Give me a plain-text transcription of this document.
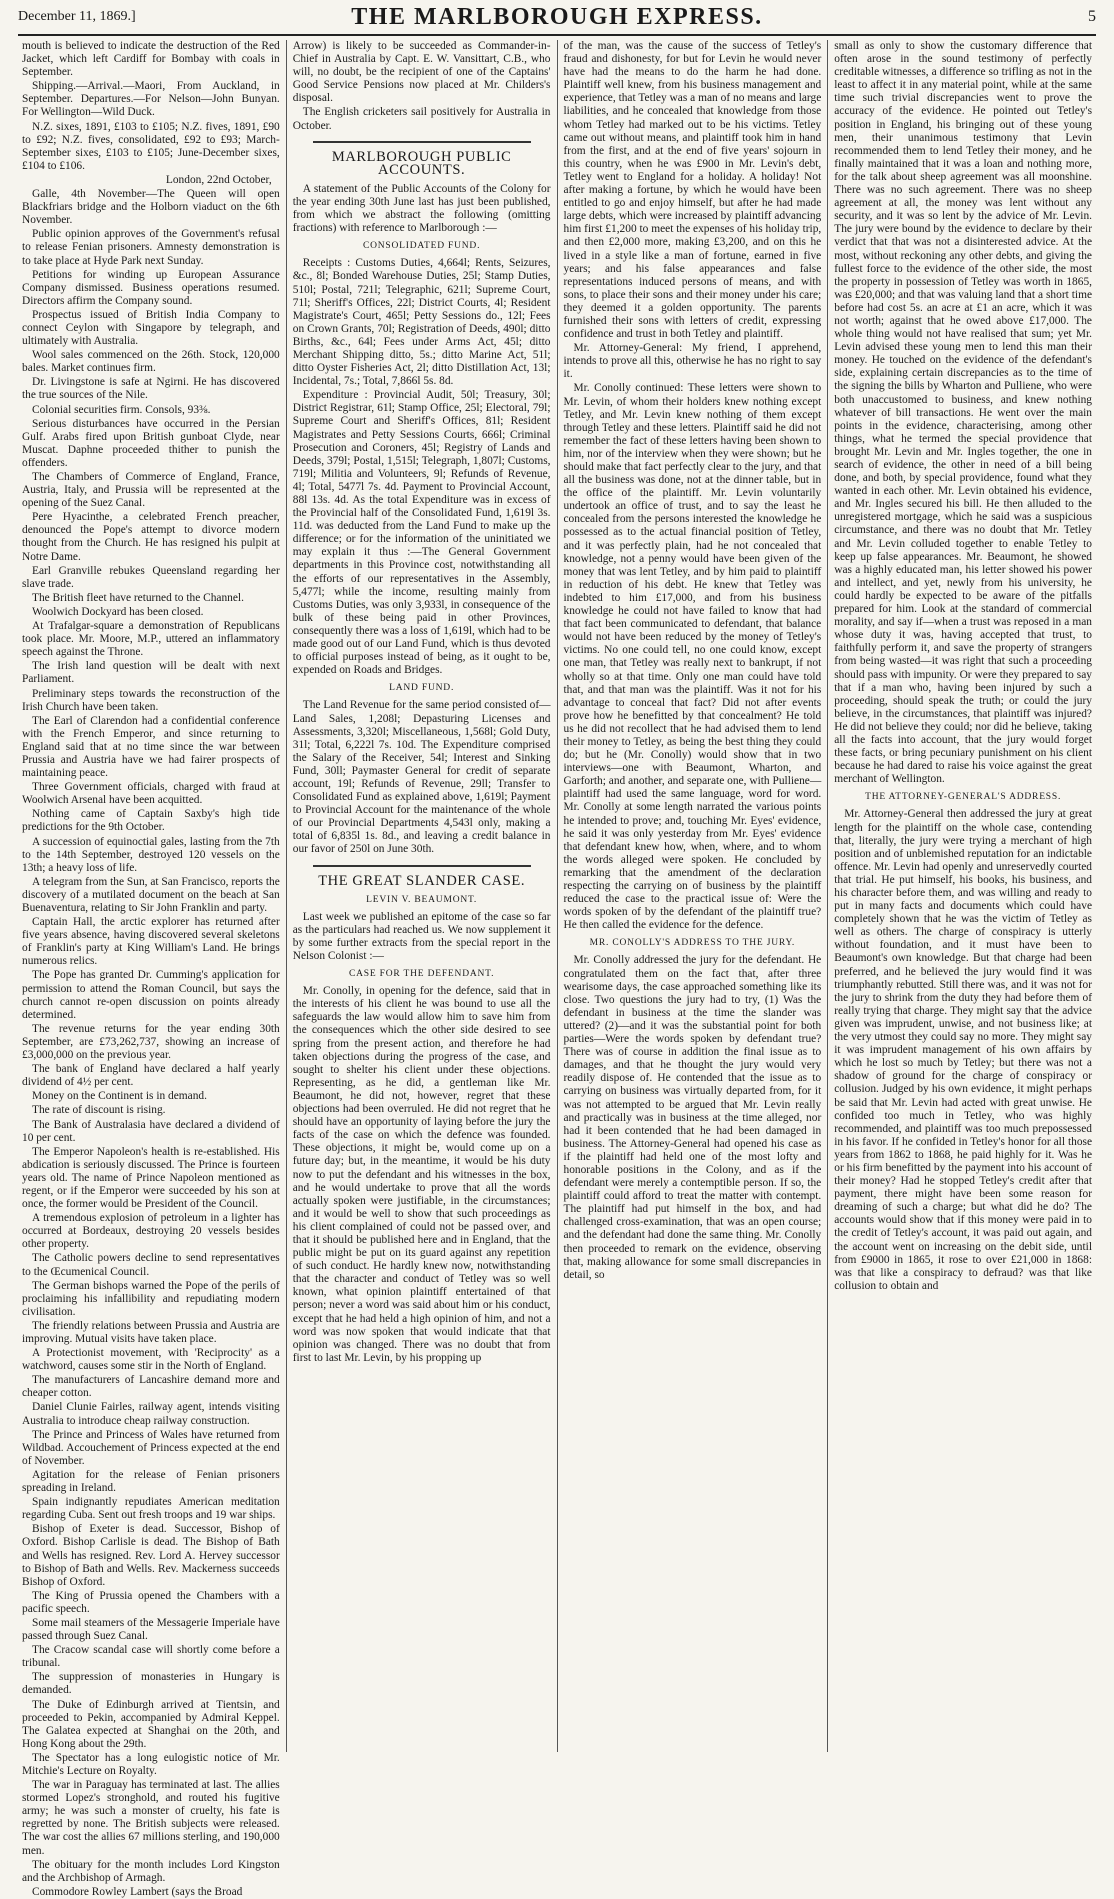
December 11, 1869.]	THE MARLBOROUGH EXPRESS.	5

mouth is believed to indicate the destruction of the Red Jacket, which left Cardiff for Bombay with coals in September.

Shipping.—Arrival.—Maori, From Auckland, in September. Departures.—For Nelson—John Bunyan. For Wellington—Wild Duck.

N.Z. sixes, 1891, £103 to £105; N.Z. fives, 1891, £90 to £92; N.Z. fives, consolidated, £92 to £93; March-September sixes, £103 to £105; June-December sixes, £104 to £106.

London, 22nd October,

Galle, 4th November—The Queen will open Blackfriars bridge and the Holborn viaduct on the 6th November.

Public opinion approves of the Government's refusal to release Fenian prisoners. Amnesty demonstration is to take place at Hyde Park next Sunday.

Petitions for winding up European Assurance Company dismissed. Business operations resumed. Directors affirm the Company sound.

Prospectus issued of British India Company to connect Ceylon with Singapore by telegraph, and ultimately with Australia.

Wool sales commenced on the 26th. Stock, 120,000 bales. Market continues firm.

Dr. Livingstone is safe at Ngirni. He has discovered the true sources of the Nile.

Colonial securities firm. Consols, 93⅜.

Serious disturbances have occurred in the Persian Gulf. Arabs fired upon British gunboat Clyde, near Muscat. Daphne proceeded thither to punish the offenders.

The Chambers of Commerce of England, France, Austria, Italy, and Prussia will be represented at the opening of the Suez Canal.

Pere Hyacinthe, a celebrated French preacher, denounced the Pope's attempt to divorce modern thought from the Church. He has resigned his pulpit at Notre Dame.

Earl Granville rebukes Queensland regarding her slave trade.

The British fleet have returned to the Channel.

Woolwich Dockyard has been closed.

At Trafalgar-square a demonstration of Republicans took place. Mr. Moore, M.P., uttered an inflammatory speech against the Throne.

The Irish land question will be dealt with next Parliament.

Preliminary steps towards the reconstruction of the Irish Church have been taken.

The Earl of Clarendon had a confidential conference with the French Emperor, and since returning to England said that at no time since the war between Prussia and Austria have we had fairer prospects of maintaining peace.

Three Government officials, charged with fraud at Woolwich Arsenal have been acquitted.

Nothing came of Captain Saxby's high tide predictions for the 9th October.

A succession of equinoctial gales, lasting from the 7th to the 14th September, destroyed 120 vessels on the 13th; a heavy loss of life.

A telegram from the Sun, at San Francisco, reports the discovery of a mutilated document on the beach at San Buenaventura, relating to Sir John Franklin and party.

Captain Hall, the arctic explorer has returned after five years absence, having discovered several skeletons of Franklin's party at King William's Land. He brings numerous relics.

The Pope has granted Dr. Cumming's application for permission to attend the Roman Council, but says the church cannot re-open discussion on points already determined.

The revenue returns for the year ending 30th September, are £73,262,737, showing an increase of £3,000,000 on the previous year.

The bank of England have declared a half yearly dividend of 4½ per cent.

Money on the Continent is in demand.

The rate of discount is rising.

The Bank of Australasia have declared a dividend of 10 per cent.

The Emperor Napoleon's health is re-established. His abdication is seriously discussed. The Prince is fourteen years old. The name of Prince Napoleon mentioned as regent, or if the Emperor were succeeded by his son at once, the former would be President of the Council.

A tremendous explosion of petroleum in a lighter has occurred at Bordeaux, destroying 20 vessels besides other property.

The Catholic powers decline to send representatives to the Œcumenical Council.

The German bishops warned the Pope of the perils of proclaiming his infallibility and repudiating modern civilisation.

The friendly relations between Prussia and Austria are improving. Mutual visits have taken place.

A Protectionist movement, with 'Reciprocity' as a watchword, causes some stir in the North of England.

The manufacturers of Lancashire demand more and cheaper cotton.

Daniel Clunie Fairles, railway agent, intends visiting Australia to introduce cheap railway construction.

The Prince and Princess of Wales have returned from Wildbad. Accouchement of Princess expected at the end of November.

Agitation for the release of Fenian prisoners spreading in Ireland.

Spain indignantly repudiates American meditation regarding Cuba. Sent out fresh troops and 19 war ships.

Bishop of Exeter is dead. Successor, Bishop of Oxford. Bishop Carlisle is dead. The Bishop of Bath and Wells has resigned. Rev. Lord A. Hervey successor to Bishop of Bath and Wells. Rev. Mackerness succeeds Bishop of Oxford.

The King of Prussia opened the Chambers with a pacific speech.

Some mail steamers of the Messagerie Imperiale have passed through Suez Canal.

The Cracow scandal case will shortly come before a tribunal.

The suppression of monasteries in Hungary is demanded.

The Duke of Edinburgh arrived at Tientsin, and proceeded to Pekin, accompanied by Admiral Keppel. The Galatea expected at Shanghai on the 20th, and Hong Kong about the 29th.

The Spectator has a long eulogistic notice of Mr. Mitchie's Lecture on Royalty.

The war in Paraguay has terminated at last. The allies stormed Lopez's stronghold, and routed his fugitive army; he was such a monster of cruelty, his fate is regretted by none. The British subjects were released. The war cost the allies 67 millions sterling, and 190,000 men.

The obituary for the month includes Lord Kingston and the Archbishop of Armagh.

Commodore Rowley Lambert (says the Broad

Arrow) is likely to be succeeded as Commander-in-Chief in Australia by Capt. E. W. Vansittart, C.B., who will, no doubt, be the recipient of one of the Captains' Good Service Pensions now placed at Mr. Childers's disposal.

The English cricketers sail positively for Australia in October.

MARLBOROUGH PUBLIC ACCOUNTS.

A statement of the Public Accounts of the Colony for the year ending 30th June last has just been published, from which we abstract the following (omitting fractions) with reference to Marlborough :—

CONSOLIDATED FUND.

Receipts : Customs Duties, 4,664l; Rents, Seizures, &c., 8l; Bonded Warehouse Duties, 25l; Stamp Duties, 510l; Postal, 721l; Telegraphic, 621l; Supreme Court, 71l; Sheriff's Offices, 22l; District Courts, 4l; Resident Magistrate's Court, 465l; Petty Sessions do., 12l; Fees on Crown Grants, 70l; Registration of Deeds, 490l; ditto Births, &c., 64l; Fees under Arms Act, 45l; ditto Merchant Shipping ditto, 5s.; ditto Marine Act, 51l; ditto Oyster Fisheries Act, 2l; ditto Distillation Act, 13l; Incidental, 7s.; Total, 7,866l 5s. 8d.

Expenditure : Provincial Audit, 50l; Treasury, 30l; District Registrar, 61l; Stamp Office, 25l; Electoral, 79l; Supreme Court and Sheriff's Offices, 81l; Resident Magistrates and Petty Sessions Courts, 666l; Criminal Prosecution and Coroners, 45l; Registry of Lands and Deeds, 379l; Postal, 1,515l; Telegraph, 1,807l; Customs, 719l; Militia and Volunteers, 9l; Refunds of Revenue, 4l; Total, 5477l 7s. 4d. Payment to Provincial Account, 88l 13s. 4d. As the total Expenditure was in excess of the Provincial half of the Consolidated Fund, 1,619l 3s. 11d. was deducted from the Land Fund to make up the difference; or for the information of the uninitiated we may explain it thus :—The General Government departments in this Province cost, notwithstanding all the efforts of our representatives in the Assembly, 5,477l; while the income, resulting mainly from Customs Duties, was only 3,933l, in consequence of the bulk of these being paid in other Provinces, consequently there was a loss of 1,619l, which had to be made good out of our Land Fund, which is thus devoted to official purposes instead of being, as it ought to be, expended on Roads and Bridges.

LAND FUND.

The Land Revenue for the same period consisted of—Land Sales, 1,208l; Depasturing Licenses and Assessments, 3,320l; Miscellaneous, 1,568l; Gold Duty, 31l; Total, 6,222l 7s. 10d. The Expenditure comprised the Salary of the Receiver, 54l; Interest and Sinking Fund, 30ll; Paymaster General for credit of separate account, 19l; Refunds of Revenue, 29ll; Transfer to Consolidated Fund as explained above, 1,619l; Payment to Provincial Account for the maintenance of the whole of our Provincial Departments 4,543l only, making a total of 6,835l 1s. 8d., and leaving a credit balance in our favor of 250l on June 30th.

THE GREAT SLANDER CASE.
LEVIN V. BEAUMONT.

Last week we published an epitome of the case so far as the particulars had reached us. We now supplement it by some further extracts from the special report in the Nelson Colonist :—

CASE FOR THE DEFENDANT.

Mr. Conolly, in opening for the defence, said that in the interests of his client he was bound to use all the safeguards the law would allow him to save him from the consequences which the other side desired to see spring from the present action, and therefore he had taken objections during the progress of the case, and sought to shelter his client under these objections. Representing, as he did, a gentleman like Mr. Beaumont, he did not, however, regret that these objections had been overruled. He did not regret that he should have an opportunity of laying before the jury the facts of the case on which the defence was founded. These objections, it might be, would come up on a future day; but, in the meantime, it would be his duty now to put the defendant and his witnesses in the box, and he would undertake to prove that all the words actually spoken were justifiable, in the circumstances; and it would be well to show that such proceedings as his client complained of could not be passed over, and that it should be published here and in England, that the public might be put on its guard against any repetition of such conduct. He hardly knew now, notwithstanding that the character and conduct of Tetley was so well known, what opinion plaintiff entertained of that person; never a word was said about him or his conduct, except that he had held a high opinion of him, and not a word was now spoken that would indicate that that opinion was changed. There was no doubt that from first to last Mr. Levin, by his propping up

of the man, was the cause of the success of Tetley's fraud and dishonesty, for but for Levin he would never have had the means to do the harm he had done. Plaintiff well knew, from his business management and experience, that Tetley was a man of no means and large liabilities, and he concealed that knowledge from those whom Tetley had marked out to be his victims. Tetley came out without means, and plaintiff took him in hand from the first, and at the end of five years' sojourn in this country, when he was £900 in Mr. Levin's debt, Tetley went to England for a holiday. A holiday! Not after making a fortune, by which he would have been entitled to go and enjoy himself, but after he had made large debts, which were increased by plaintiff advancing him first £1,200 to meet the expenses of his holiday trip, and then £2,000 more, making £3,200, and on this he lived in a style like a man of fortune, earned in five years; and his false appearances and false representations induced persons of means, and with sons, to place their sons and their money under his care; they deemed it a golden opportunity. The parents furnished their sons with letters of credit, expressing confidence and trust in both Tetley and plaintiff.

Mr. Attorney-General: My friend, I apprehend, intends to prove all this, otherwise he has no right to say it.

Mr. Conolly continued: These letters were shown to Mr. Levin, of whom their holders knew nothing except Tetley, and Mr. Levin knew nothing of them except through Tetley and these letters. Plaintiff said he did not remember the fact of these letters having been shown to him, nor of the interview when they were shown; but he should make that fact perfectly clear to the jury, and that all the business was done, not at the dinner table, but in the office of the plaintiff. Mr. Levin voluntarily undertook an office of trust, and to say the least he concealed from the persons interested the knowledge he possessed as to the actual financial position of Tetley, and it was perfectly plain, had he not concealed that knowledge, not a penny would have been given of the money that was lent Tetley, and by him paid to plaintiff in reduction of his debt. He knew that Tetley was indebted to him £17,000, and from his business knowledge he could not have failed to know that had that fact been communicated to defendant, that balance would not have been reduced by the money of Tetley's victims. No one could tell, no one could know, except one man, that Tetley was really next to bankrupt, if not wholly so at that time. Only one man could have told that, and that man was the plaintiff. Was it not for his advantage to conceal that fact? Did not after events prove how he benefitted by that concealment? He told us he did not recollect that he had advised them to lend their money to Tetley, as being the best thing they could do; but he (Mr. Conolly) would show that in two interviews—one with Beaumont, Wharton, and Garforth; and another, and separate one, with Pulliene—plaintiff had used the same language, word for word. Mr. Conolly at some length narrated the various points he intended to prove; and, touching Mr. Eyes' evidence, he said it was only yesterday from Mr. Eyes' evidence that defendant knew how, when, where, and to whom the words alleged were spoken. He concluded by remarking that the amendment of the declaration respecting the carrying on of business by the plaintiff reduced the case to the practical issue of: Were the words spoken of by the defendant of the plaintiff true? He then called the evidence for the defence.

MR. CONOLLY'S ADDRESS TO THE JURY.

Mr. Conolly addressed the jury for the defendant. He congratulated them on the fact that, after three wearisome days, the case approached something like its close. Two questions the jury had to try, (1) Was the defendant in business at the time the slander was uttered? (2)—and it was the substantial point for both parties—Were the words spoken by defendant true? There was of course in addition the final issue as to damages, and that he thought the jury would very readily dispose of. He contended that the issue as to carrying on business was virtually departed from, for it was not attempted to be argued that Mr. Levin really and practically was in business at the time alleged, nor had it been contended that he had been damaged in business. The Attorney-General had opened his case as if the plaintiff had held one of the most lofty and honorable positions in the Colony, and as if the defendant were merely a contemptible person. If so, the plaintiff could afford to treat the matter with contempt. The plaintiff had put himself in the box, and had challenged cross-examination, that was an open course; and the defendant had done the same thing. Mr. Conolly then proceeded to remark on the evidence, observing that, making allowance for some small discrepancies in detail, so

small as only to show the customary difference that often arose in the sound testimony of perfectly creditable witnesses, a difference so trifling as not in the least to affect it in any material point, while at the same time such trivial discrepancies went to prove the accuracy of the evidence. He pointed out Tetley's position in England, his bringing out of these young men, their unanimous testimony that Levin recommended them to lend Tetley their money, and he finally maintained that it was a loan and nothing more, for the talk about sheep agreement was all moonshine. There was no such agreement. There was no sheep agreement at all, the money was lent without any security, and it was so lent by the advice of Mr. Levin. The jury were bound by the evidence to declare by their verdict that that was not a disinterested advice. At the most, without reckoning any other debts, and giving the fullest force to the evidence of the other side, the most the property in possession of Tetley was worth in 1865, was £20,000; and that was valuing land that a short time before had cost 5s. an acre at £1 an acre, which it was not worth; against that he owed above £17,000. The whole thing would not have realised that sum; yet Mr. Levin advised these young men to lend this man their money. He touched on the evidence of the defendant's side, explaining certain discrepancies as to the time of the signing the bills by Wharton and Pulliene, who were both unaccustomed to business, and knew nothing whatever of bill transactions. He went over the main points in the evidence, characterising, among other things, what he termed the special providence that brought Mr. Levin and Mr. Ingles together, the one in search of evidence, the other in need of a bill being done, and both, by special providence, found what they wanted in each other. Mr. Levin obtained his evidence, and Mr. Ingles secured his bill. He then alluded to the unregistered mortgage, which he said was a suspicious circumstance, and there was no doubt that Mr. Tetley and Mr. Levin colluded together to enable Tetley to keep up false appearances. Mr. Beaumont, he showed was a highly educated man, his letter showed his power and intellect, and yet, newly from his university, he could hardly be expected to be aware of the pitfalls prepared for him. Look at the standard of commercial morality, and say if—when a trust was reposed in a man whose duty it was, having accepted that trust, to faithfully perform it, and save the property of strangers from being wasted—it was right that such a proceeding should pass with impunity. Or were they prepared to say that if a man who, having been injured by such a proceeding, should speak the truth; or could the jury believe, in the circumstances, that plaintiff was injured? He did not believe they could; nor did he believe, taking all the facts into account, that the jury would forget these facts, or bring pecuniary punishment on his client because he had dared to raise his voice against the great merchant of Wellington.

THE ATTORNEY-GENERAL'S ADDRESS.

Mr. Attorney-General then addressed the jury at great length for the plaintiff on the whole case, contending that, literally, the jury were trying a merchant of high position and of unblemished reputation for an indictable offence. Mr. Levin had openly and unreservedly courted that trial. He put himself, his books, his business, and his character before them, and was willing and ready to put in many facts and documents which could have completely shown that he was the victim of Tetley as well as others. The charge of conspiracy is utterly without foundation, and it must have been to Beaumont's own knowledge. But that charge had been preferred, and he believed the jury would find it was triumphantly rebutted. Still there was, and it was not for the jury to shrink from the duty they had before them of really trying that charge. They might say that the advice given was imprudent, unwise, and not business like; at the very utmost they could say no more. They might say it was imprudent management of his own affairs by which he lost so much by Tetley; but there was not a shadow of ground for the charge of conspiracy or collusion. Judged by his own evidence, it might perhaps be said that Mr. Levin had acted with great unwise. He confided too much in Tetley, who was highly recommended, and plaintiff was too much prepossessed in his favor. If he confided in Tetley's honor for all those years from 1862 to 1868, he paid highly for it. Was he or his firm benefitted by the payment into his account of their money? Had he stopped Tetley's credit after that payment, there might have been some reason for dreaming of such a charge; but what did he do? The accounts would show that if this money were paid in to the credit of Tetley's account, it was paid out again, and the account went on increasing on the debit side, until from £9000 in 1865, it rose to over £21,000 in 1868: was that like a conspiracy to defraud? was that like collusion to obtain and
